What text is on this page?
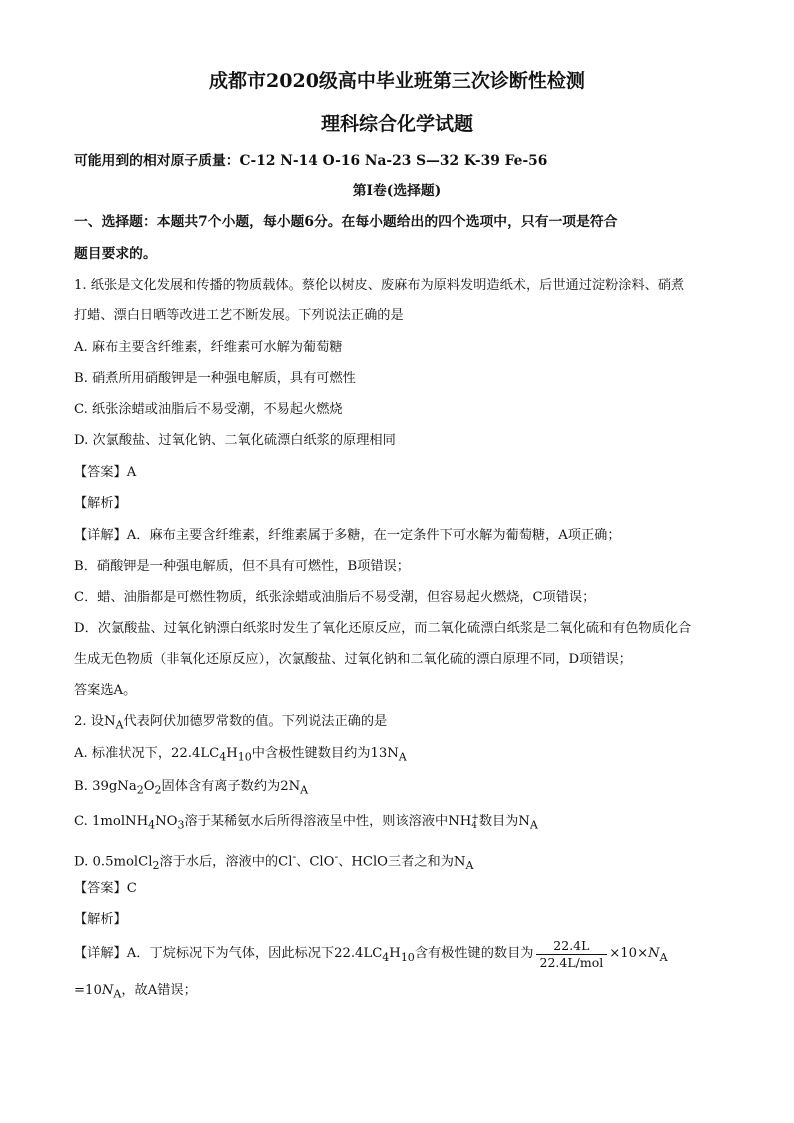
成都市2020级高中毕业班第三次诊断性检测
理科综合化学试题
可能用到的相对原子质量：C-12 N-14 O-16 Na-23 S—32 K-39 Fe-56
第Ⅰ卷(选择题)
一、选择题：本题共7个小题，每小题6分。在每小题给出的四个选项中，只有一项是符合
题目要求的。
1. 纸张是文化发展和传播的物质载体。蔡伦以树皮、废麻布为原料发明造纸术，后世通过淀粉涂料、硝煮
打蜡、漂白日晒等改进工艺不断发展。下列说法正确的是
A. 麻布主要含纤维素，纤维素可水解为葡萄糖
B. 硝煮所用硝酸钾是一种强电解质，具有可燃性
C. 纸张涂蜡或油脂后不易受潮，不易起火燃烧
D. 次氯酸盐、过氧化钠、二氧化硫漂白纸浆的原理相同
【答案】A
【解析】
【详解】A．麻布主要含纤维素，纤维素属于多糖，在一定条件下可水解为葡萄糖，A项正确；
B．硝酸钾是一种强电解质，但不具有可燃性，B项错误；
C．蜡、油脂都是可燃性物质，纸张涂蜡或油脂后不易受潮，但容易起火燃烧，C项错误；
D．次氯酸盐、过氧化钠漂白纸浆时发生了氧化还原反应，而二氧化硫漂白纸浆是二氧化硫和有色物质化合
生成无色物质（非氧化还原反应），次氯酸盐、过氧化钠和二氧化硫的漂白原理不同，D项错误；
答案选A。
2. 设$N_A$代表阿伏加德罗常数的值。下列说法正确的是
A. 标准状况下，$22.4LC_4H_{10}$中含极性键数目约为$13N_A$
B. $39gNa_2O_2$固体含有离子数约为$2N_A$
C. $1molNH_4NO_3$溶于某稀氨水后所得溶液呈中性，则该溶液中NH +
4 数目为$N_A$
D. 0.5molCl$_2$溶于水后，溶液中的Cl-、ClO-、HClO三者之和为$N_A$
【答案】C
【解析】
【详解】A．丁烷标况下为气体，因此标况下$22.4LC_4H_{10}$含有极性键的数目为 $\frac{22.4L}{\text{22.4L/mol}} \times 10\times N_A$
$=10N_A$，故A错误；
